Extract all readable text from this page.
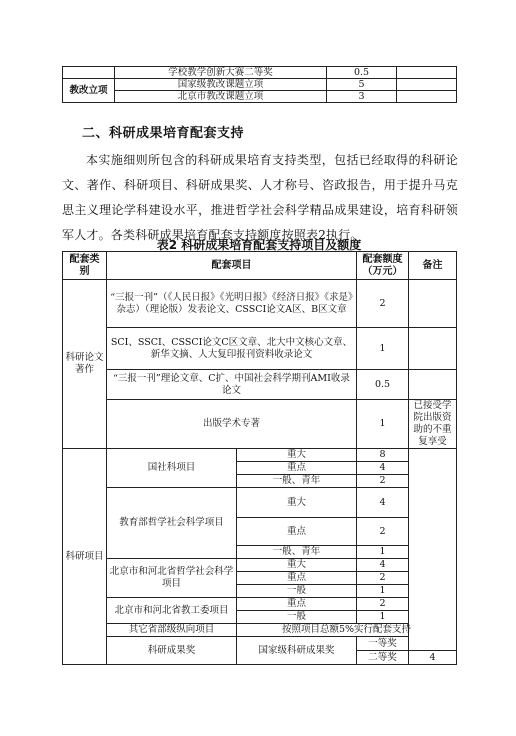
	学校教学创新大赛二等奖	0.5	
教改立项	国家级教改课题立项	5	
	北京市教改课题立项	3	
二、科研成果培育配套支持
本实施细则所包含的科研成果培育支持类型，包括已经取得的科研论文、著作、科研项目、科研成果奖、人才称号、咨政报告，用于提升马克思主义理论学科建设水平，推进哲学社会科学精品成果建设，培育科研领军人才。各类科研成果培育配套支持额度按照表2执行。
表2 科研成果培育配套支持项目及额度
配套类别	配套项目		配套额度（万元）	备注	
科研论文著作	“三报一刊”（《人民日报》《光明日报》《经济日报》《求是》杂志）（理论版）发表论文、CSSCI论文A区、B区文章		2		
	SCI、SSCI、CSSCI论文C区文章、北大中文核心文章、新华文摘、人大复印报刊资料收录论文		1		
	“三报一刊”理论文章、C扩、中国社会科学期刊AMI收录论文		0.5		
	出版学术专著		1	已接受学院出版资助的不重复享受	
科研项目	国社科项目	重大	8		
		重点	4		
		一般、青年	2		
	教育部哲学社会科学项目	重大	4		
		重点	2		
		一般、青年	1		
	北京市和河北省哲学社会科学项目	重大	4		
		重点	2		
		一般	1		
	北京市和河北省教工委项目	重点	2		
		一般	1		
	其它省部级纵向项目	按照项目总额5%实行配套支持			
	科研成果奖	国家级科研成果奖	一等奖		
			二等奖	4	
